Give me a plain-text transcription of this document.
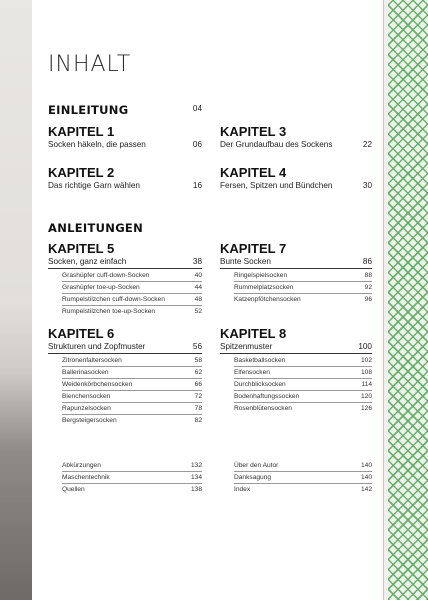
INHALT
EINLEITUNG	04
KAPITEL 1
Socken häkeln, die passen	06
KAPITEL 2
Das richtige Garn wählen	16
KAPITEL 3
Der Grundaufbau des Sockens	22
KAPITEL 4
Fersen, Spitzen und Bündchen	30
ANLEITUNGEN
KAPITEL 5
Socken, ganz einfach	38
Grashüpfer cuff-down-Socken	40
Grashüpfer toe-up-Socken	44
Rumpelstilzchen cuff-down-Socken	48
Rumpelstilzchen toe-up-Socken	52
KAPITEL 6
Strukturen und Zopfmuster	56
Zitronenfaltersocken	58
Ballerinasocken	62
Weidenkörbchensocken	66
Bienchensocken	72
Rapunzelsocken	78
Bergsteigersocken	82
KAPITEL 7
Bunte Socken	86
Ringelspielsocken	88
Rummelplatzsocken	92
Katzenpfötchensocken	96
KAPITEL 8
Spitzenmuster	100
Basketballsocken	102
Elfensocken	108
Durchblicksocken	114
Bodenhaftungssocken	120
Rosenblütensocken	126
Abkürzungen	132
Maschentechnik	134
Quellen	138
Über den Autor	140
Danksagung	140
Index	142
